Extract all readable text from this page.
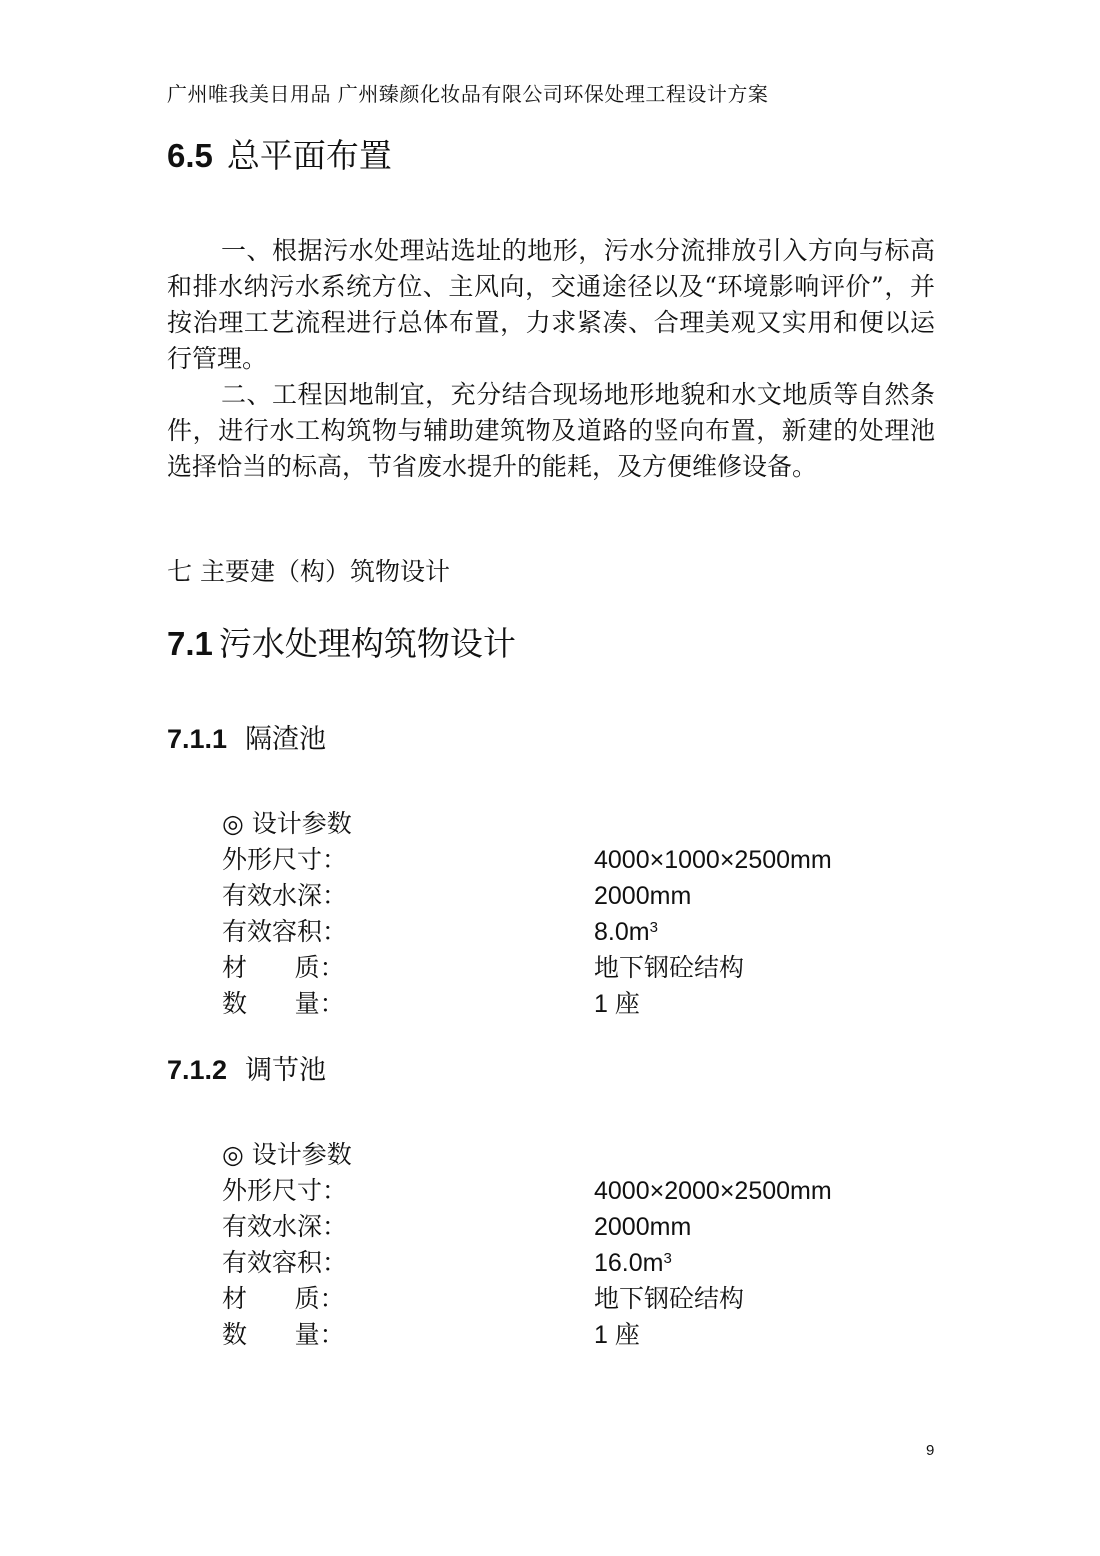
广州唯我美日用品 广州臻颜化妆品有限公司环保处理工程设计方案
6.5 总平面布置

一、根据污水处理站选址的地形，污水分流排放引入方向与标高和排水纳污水系统方位、主风向，交通途径以及“环境影响评价”，并按治理工艺流程进行总体布置，力求紧凑、合理美观又实用和便以运行管理。

二、工程因地制宜，充分结合现场地形地貌和水文地质等自然条件，进行水工构筑物与辅助建筑物及道路的竖向布置，新建的处理池选择恰当的标高，节省废水提升的能耗，及方便维修设备。

七 主要建（构）筑物设计
7.1 污水处理构筑物设计
7.1.1 隔渣池
◎ 设计参数
外形尺寸：	4000×1000×2500mm
有效水深：	2000mm
有效容积：	$8.0m^3$
材      质：	地下钢砼结构
数      量：	1 座
7.1.2 调节池
◎ 设计参数
外形尺寸：	4000×2000×2500mm
有效水深：	2000mm
有效容积：	$16.0m^3$
材      质：	地下钢砼结构
数      量：	1 座
9
